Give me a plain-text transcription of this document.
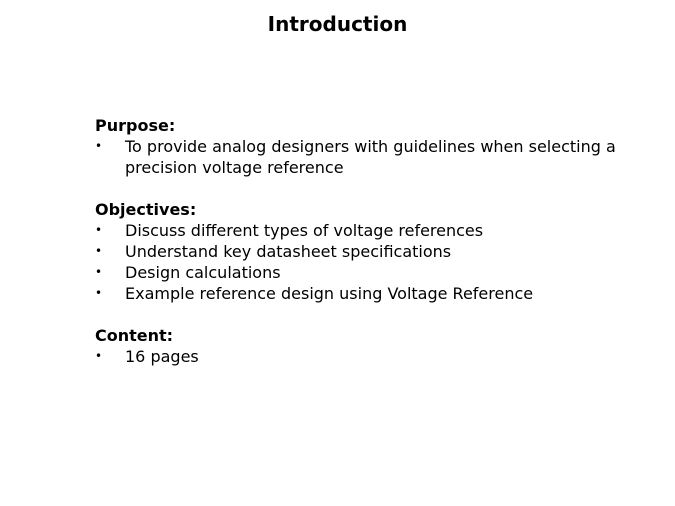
Introduction

Purpose:

• To provide analog designers with guidelines when selecting a precision voltage reference

Objectives:

• Discuss different types of voltage references
• Understand key datasheet specifications
• Design calculations
• Example reference design using Voltage Reference

Content:

• 16 pages
